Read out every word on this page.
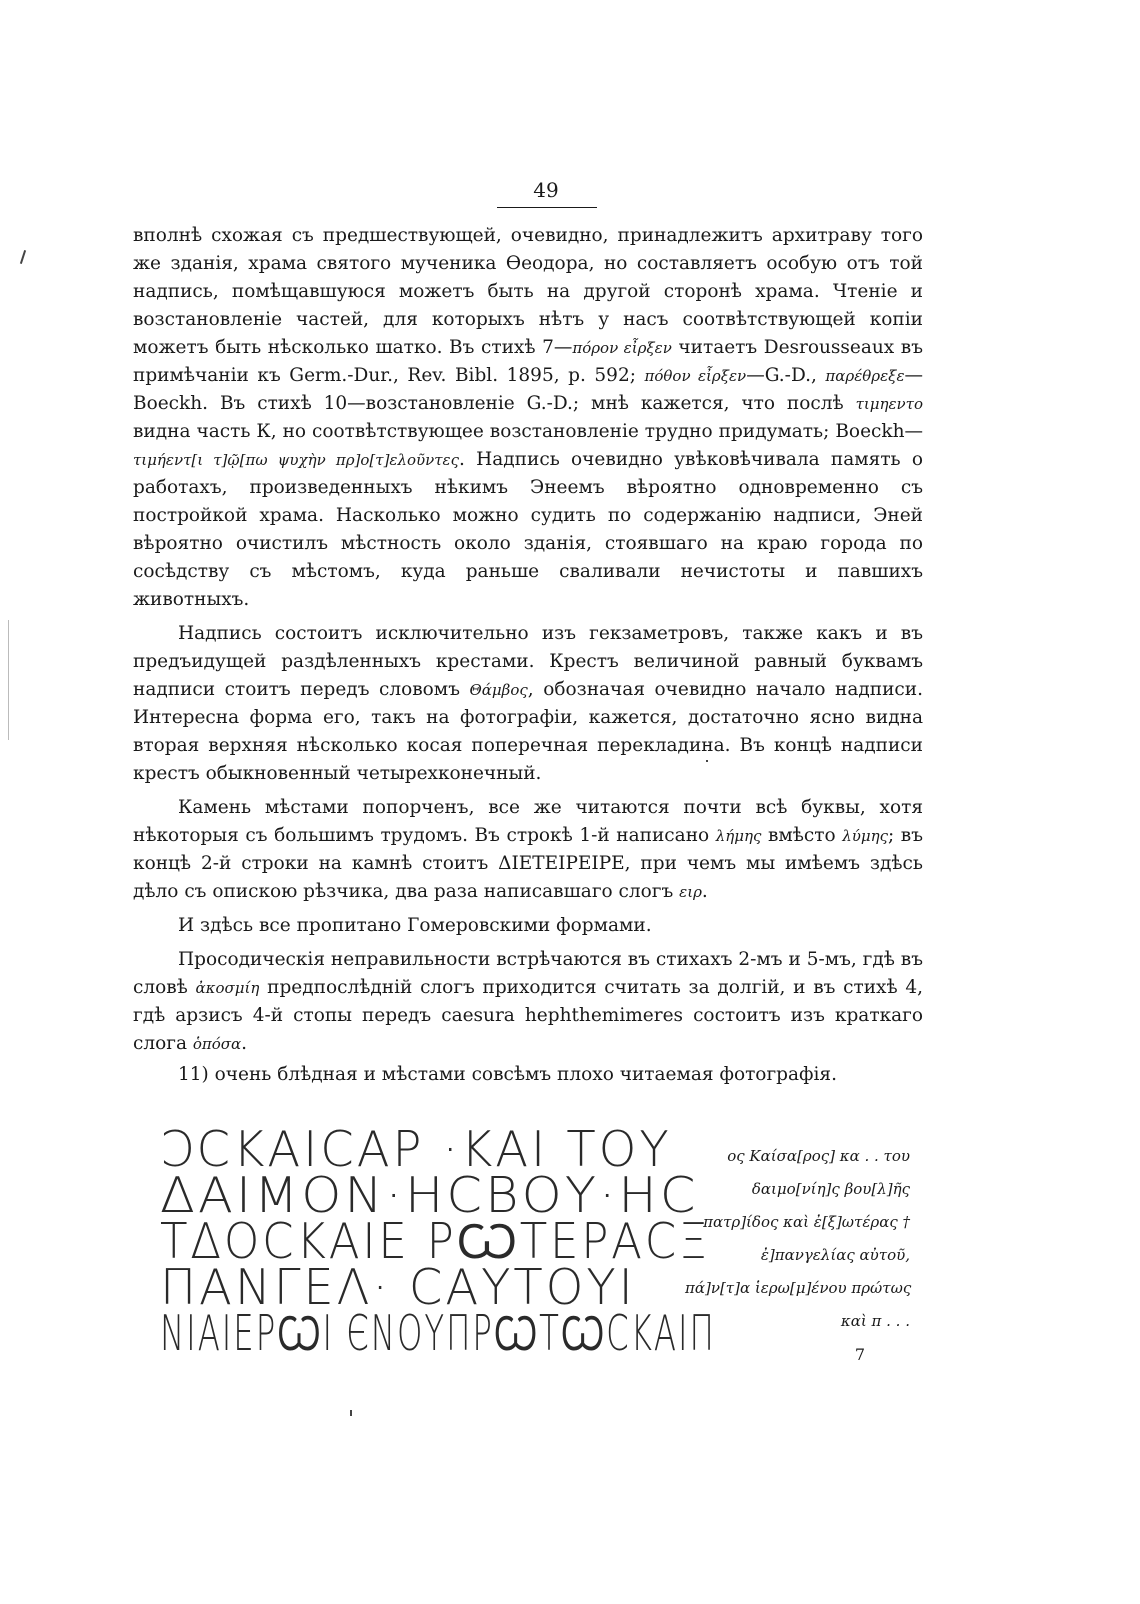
49

вполнѣ схожая съ предшествующей, очевидно, принадлежитъ архитраву того же зданія, храма святого мученика Ѳеодора, но составляетъ особую отъ той надпись, помѣщавшуюся можетъ быть на другой сторонѣ храма. Чтеніе и возстановленіе частей, для которыхъ нѣтъ у насъ соотвѣтствующей копіи можетъ быть нѣсколько шатко. Въ стихѣ 7—πόρον εἶρξεν читаетъ Desrousseaux въ примѣчаніи къ Germ.-Dur., Rev. Bibl. 1895, p. 592; πόθον εἶρξεν—G.-D., παρέθρεξε—Boeckh. Въ стихѣ 10—возстановленіе G.-D.; мнѣ кажется, что послѣ τιμηεντο видна часть К, но соотвѣтствующее возстановленіе трудно придумать; Boeckh—τιμήεντ[ι τ]ῷ[πω ψυχὴν πρ]ο[τ]ελοῦντες. Надпись очевидно увѣковѣчивала память о работахъ, произведенныхъ нѣкимъ Энеемъ вѣроятно одновременно съ постройкой храма. Насколько можно судить по содержанію надписи, Эней вѣроятно очистилъ мѣстность около зданія, стоявшаго на краю города по сосѣдству съ мѣстомъ, куда раньше сваливали нечистоты и павшихъ животныхъ.

Надпись состоитъ исключительно изъ гекзаметровъ, также какъ и въ предъидущей раздѣленныхъ крестами. Крестъ величиной равный буквамъ надписи стоитъ передъ словомъ Θάμβος, обозначая очевидно начало надписи. Интересна форма его, такъ на фотографіи, кажется, достаточно ясно видна вторая верхняя нѣсколько косая поперечная перекладина. Въ концѣ надписи крестъ обыкновенный четырехконечный.

Камень мѣстами попорченъ, все же читаются почти всѣ буквы, хотя нѣкоторыя съ большимъ трудомъ. Въ строкѣ 1-й написано λήμης вмѣсто λύμης; въ концѣ 2-й строки на камнѣ стоитъ ΔΙΕΤΕΙΡΕΙΡΕ, при чемъ мы имѣемъ здѣсь дѣло съ опискою рѣзчика, два раза написавшаго слогъ ειρ.

И здѣсь все пропитано Гомеровскими формами.

Просодическія неправильности встрѣчаются въ стихахъ 2-мъ и 5-мъ, гдѣ въ словѣ ἀκοσμίη предпослѣдній слогъ приходится считать за долгій, и въ стихѣ 4, гдѣ арзисъ 4-й стопы передъ caesura hephthemimeres состоитъ изъ краткаго слога ὁπόσα.

11) очень блѣдная и мѣстами совсѣмъ плохо читаемая фотографія.
ϽCΚΑΙCΑΡ ·ΚΑΙ ΤΟΥ
ΔΑΙΜΟΝ·ΗCΒΟΥ·ΗC
ΤΔΟCΚΑΙΕ ΡѠΤΕΡΑCΞ
ΠΑΝΓΕΛ· CΑΥΤΟΥΙ
ΝΙΑΙΕΡѠΙ ЄΝΟΥΠΡѠΤѠCΚΑΙΠ
ος Καίσα[ρος] κα . . του
δαιμο[νίη]ς βου[λ]ῆς
πατρ]ίδος καὶ ἐ[ξ]ωτέρας †
ἐ]πανγελίας αὐτοῦ,
πά]ν[τ]α ἱερω[μ]ένου πρώτως
καὶ π . . .
7
